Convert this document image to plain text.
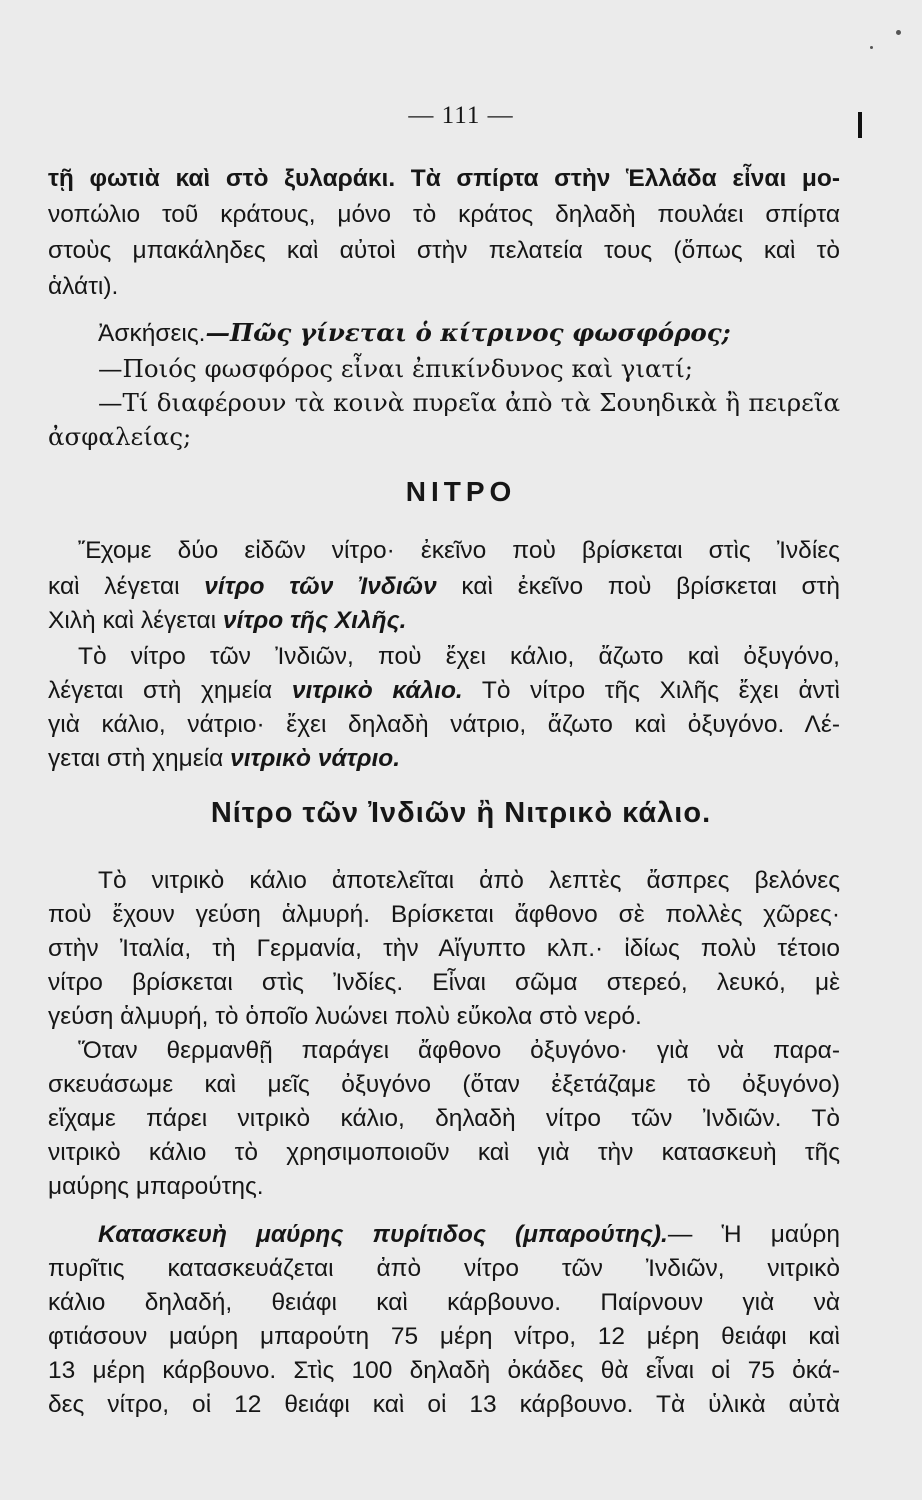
— 111 —
τῇ φωτιὰ καὶ στὸ ξυλαράκι. Τὰ σπίρτα στὴν Ἑλλάδα εἶναι μο-
νοπώλιο τοῦ κράτους, μόνο τὸ κράτος δηλαδὴ πουλάει σπίρτα
στοὺς μπακάληδες καὶ αὐτοὶ στὴν πελατεία τους (ὅπως καὶ τὸ
ἁλάτι).
Ἀσκήσεις.—Πῶς γίνεται ὁ κίτρινος φωσφόρος;
—Ποιός φωσφόρος εἶναι ἐπικίνδυνος καὶ γιατί;
—Τί διαφέρουν τὰ κοινὰ πυρεῖα ἀπὸ τὰ Σουηδικὰ ἢ πειρεῖα
ἀσφαλείας;
ΝΙΤΡΟ
Ἔχομε δύο εἰδῶν νίτρο· ἐκεῖνο ποὺ βρίσκεται στὶς Ἰνδίες
καὶ λέγεται νίτρο τῶν Ἰνδιῶν καὶ ἐκεῖνο ποὺ βρίσκεται στὴ
Χιλὴ καὶ λέγεται νίτρο τῆς Χιλῆς.
Τὸ νίτρο τῶν Ἰνδιῶν, ποὺ ἔχει κάλιο, ἄζωτο καὶ ὀξυγόνο,
λέγεται στὴ χημεία νιτρικὸ κάλιο. Τὸ νίτρο τῆς Χιλῆς ἔχει ἀντὶ
γιὰ κάλιο, νάτριο· ἔχει δηλαδὴ νάτριο, ἄζωτο καὶ ὀξυγόνο. Λέ-
γεται στὴ χημεία νιτρικὸ νάτριο.
Νίτρο τῶν Ἰνδιῶν ἢ Νιτρικὸ κάλιο.
Τὸ νιτρικὸ κάλιο ἀποτελεῖται ἀπὸ λεπτὲς ἄσπρες βελόνες
ποὺ ἔχουν γεύση ἁλμυρή. Βρίσκεται ἄφθονο σὲ πολλὲς χῶρες·
στὴν Ἰταλία, τὴ Γερμανία, τὴν Αἴγυπτο κλπ.· ἰδίως πολὺ τέτοιο
νίτρο βρίσκεται στὶς Ἰνδίες. Εἶναι σῶμα στερεό, λευκό, μὲ
γεύση ἁλμυρή, τὸ ὁποῖο λυώνει πολὺ εὔκολα στὸ νερό.
Ὅταν θερμανθῇ παράγει ἄφθονο ὀξυγόνο· γιὰ νὰ παρα-
σκευάσωμε καὶ μεῖς ὀξυγόνο (ὅταν ἐξετάζαμε τὸ ὀξυγόνο)
εἴχαμε πάρει νιτρικὸ κάλιο, δηλαδὴ νίτρο τῶν Ἰνδιῶν. Τὸ
νιτρικὸ κάλιο τὸ χρησιμοποιοῦν καὶ γιὰ τὴν κατασκευὴ τῆς
μαύρης μπαρούτης.
Κατασκευὴ μαύρης πυρίτιδος (μπαρούτης).— Ἡ μαύρη
πυρῖτις κατασκευάζεται ἀπὸ νίτρο τῶν Ἰνδιῶν, νιτρικὸ
κάλιο δηλαδή, θειάφι καὶ κάρβουνο. Παίρνουν γιὰ νὰ
φτιάσουν μαύρη μπαρούτη 75 μέρη νίτρο, 12 μέρη θειάφι καὶ
13 μέρη κάρβουνο. Στὶς 100 δηλαδὴ ὀκάδες θὰ εἶναι οἱ 75 ὀκά-
δες νίτρο, οἱ 12 θειάφι καὶ οἱ 13 κάρβουνο. Τὰ ὑλικὰ αὐτὰ
